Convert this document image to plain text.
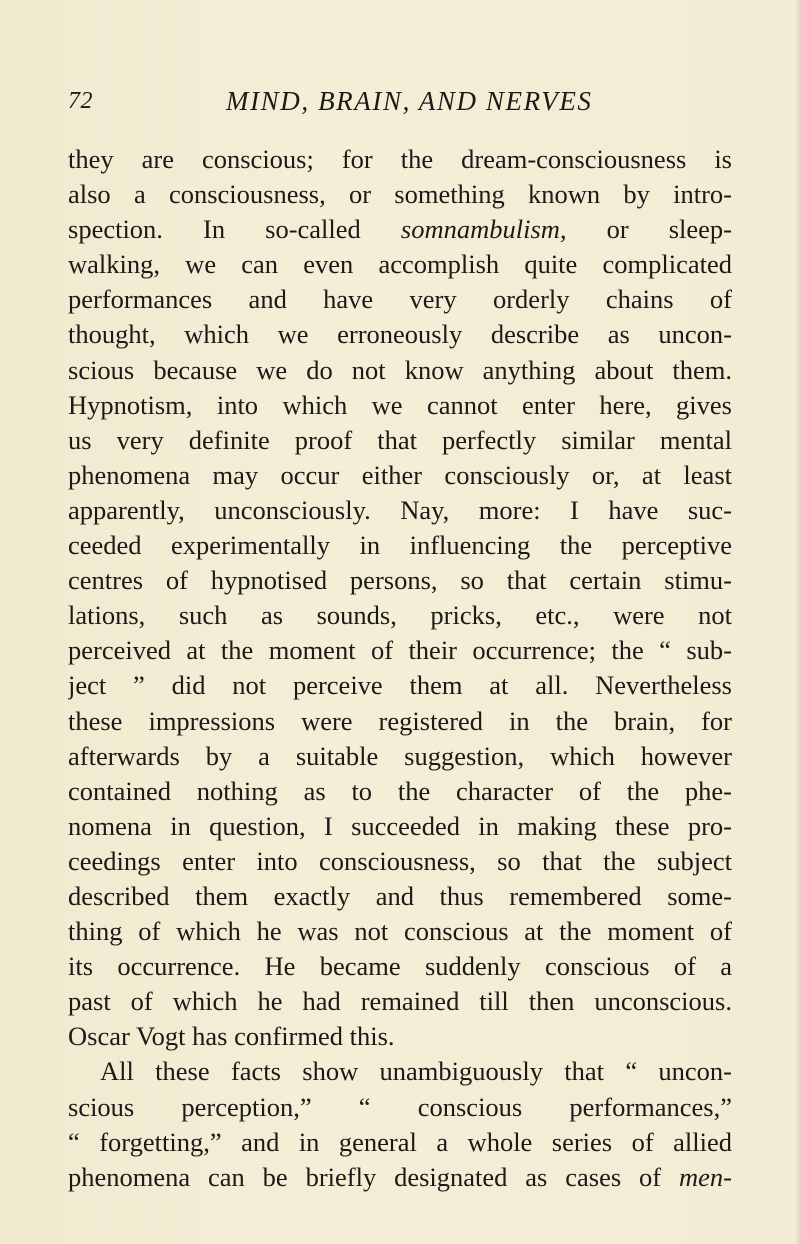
72	MIND, BRAIN, AND NERVES
they are conscious; for the dream-consciousness is
also a consciousness, or something known by intro-
spection. In so-called somnambulism, or sleep-
walking, we can even accomplish quite complicated
performances and have very orderly chains of
thought, which we erroneously describe as uncon-
scious because we do not know anything about them.
Hypnotism, into which we cannot enter here, gives
us very definite proof that perfectly similar mental
phenomena may occur either consciously or, at least
apparently, unconsciously. Nay, more: I have suc-
ceeded experimentally in influencing the perceptive
centres of hypnotised persons, so that certain stimu-
lations, such as sounds, pricks, etc., were not
perceived at the moment of their occurrence; the “ sub-
ject ” did not perceive them at all. Nevertheless
these impressions were registered in the brain, for
afterwards by a suitable suggestion, which however
contained nothing as to the character of the phe-
nomena in question, I succeeded in making these pro-
ceedings enter into consciousness, so that the subject
described them exactly and thus remembered some-
thing of which he was not conscious at the moment of
its occurrence. He became suddenly conscious of a
past of which he had remained till then unconscious.
Oscar Vogt has confirmed this.
All these facts show unambiguously that “ uncon-
scious perception,” “ conscious performances,”
“ forgetting,” and in general a whole series of allied
phenomena can be briefly designated as cases of men-
